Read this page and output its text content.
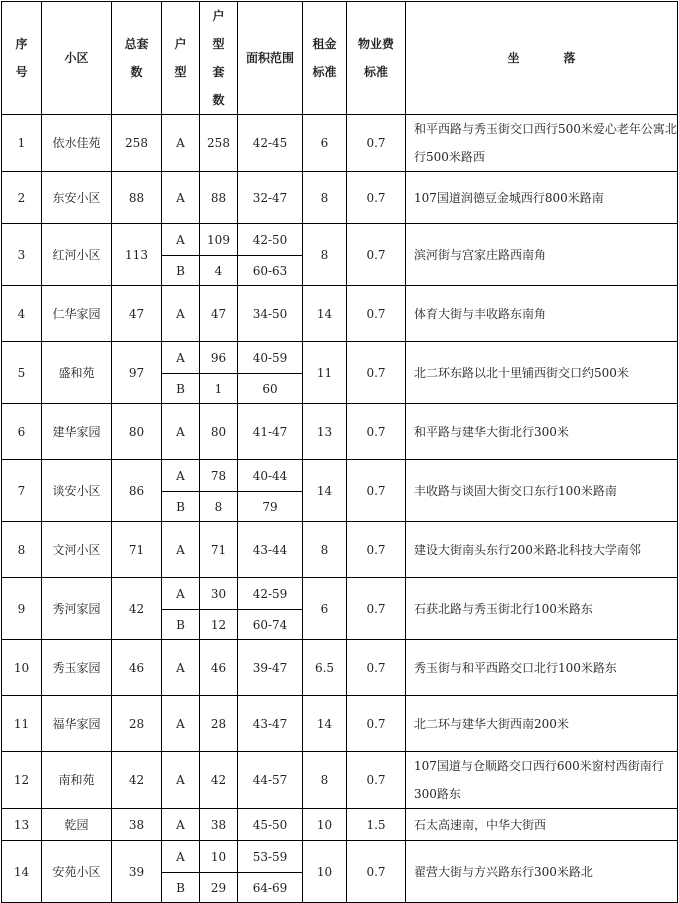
序号	小区	总套数	户型	户型套数	面积范围	租金标准	物业费标准	坐 落
1	依水佳苑	258	A	258	42-45	6	0.7	和平西路与秀玉街交口西行500米爱心老年公寓北行500米路西
2	东安小区	88	A	88	32-47	8	0.7	107国道润德豆金城西行800米路南
3	红河小区	113	A	109	42-50	8	0.7	滨河街与宫家庄路西南角
			B	4	60-63			
4	仁华家园	47	A	47	34-50	14	0.7	体育大街与丰收路东南角
5	盛和苑	97	A	96	40-59	11	0.7	北二环东路以北十里铺西街交口约500米
			B	1	60			
6	建华家园	80	A	80	41-47	13	0.7	和平路与建华大街北行300米
7	谈安小区	86	A	78	40-44	14	0.7	丰收路与谈固大街交口东行100米路南
			B	8	79			
8	文河小区	71	A	71	43-44	8	0.7	建设大街南头东行200米路北科技大学南邻
9	秀河家园	42	A	30	42-59	6	0.7	石获北路与秀玉街北行100米路东
			B	12	60-74			
10	秀玉家园	46	A	46	39-47	6.5	0.7	秀玉街与和平西路交口北行100米路东
11	福华家园	28	A	28	43-47	14	0.7	北二环与建华大街西南200米
12	南和苑	42	A	42	44-57	8	0.7	107国道与仓顺路交口西行600米窗村西街南行300路东
13	乾园	38	A	38	45-50	10	1.5	石太高速南，中华大街西
14	安苑小区	39	A	10	53-59	10	0.7	翟营大街与方兴路东行300米路北
			B	29	64-69			
